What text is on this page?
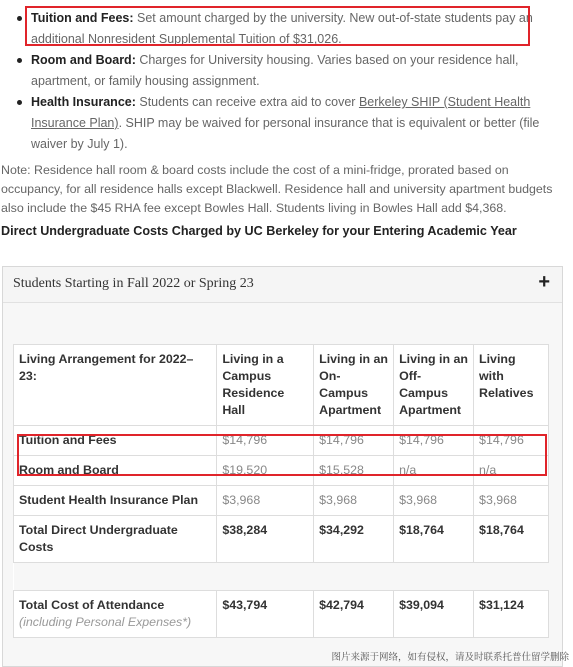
Tuition and Fees: Set amount charged by the university. New out-of-state students pay an additional Nonresident Supplemental Tuition of $31,026.
Room and Board: Charges for University housing. Varies based on your residence hall, apartment, or family housing assignment.
Health Insurance: Students can receive extra aid to cover Berkeley SHIP (Student Health Insurance Plan). SHIP may be waived for personal insurance that is equivalent or better (file waiver by July 1).
Note: Residence hall room & board costs include the cost of a mini-fridge, prorated based on occupancy, for all residence halls except Blackwell. Residence hall and university apartment budgets also include the $45 RHA fee except Bowles Hall. Students living in Bowles Hall add $4,368.
Direct Undergraduate Costs Charged by UC Berkeley for your Entering Academic Year
Students Starting in Fall 2022 or Spring 23	+
Living Arrangement for 2022–23:	Living in a Campus Residence Hall	Living in an On-Campus Apartment	Living in an Off-Campus Apartment	Living with Relatives
Tuition and Fees	$14,796	$14,796	$14,796	$14,796
Room and Board	$19,520	$15,528	n/a	n/a
Student Health Insurance Plan	$3,968	$3,968	$3,968	$3,968
Total Direct Undergraduate Costs	$38,284	$34,292	$18,764	$18,764

Total Cost of Attendance
(including Personal Expenses*)	$43,794	$42,794	$39,094	$31,124
图片来源于网络，如有侵权，请及时联系托普仕留学删除
